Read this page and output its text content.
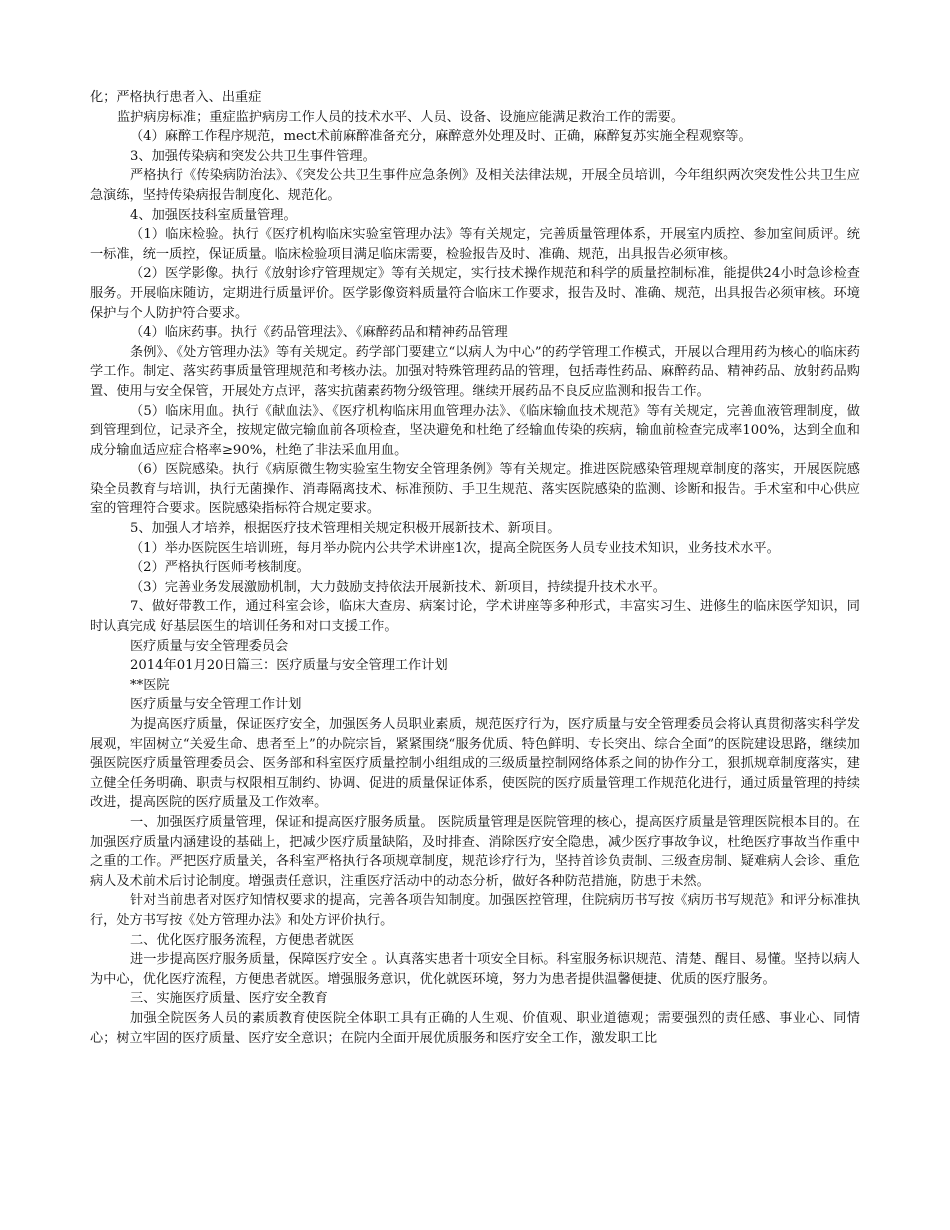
化；严格执行患者入、出重症

监护病房标准；重症监护病房工作人员的技术水平、人员、设备、设施应能满足救治工作的需要。

（4）麻醉工作程序规范，mect术前麻醉准备充分，麻醉意外处理及时、正确，麻醉复苏实施全程观察等。

3、加强传染病和突发公共卫生事件管理。

严格执行《传染病防治法》、《突发公共卫生事件应急条例》及相关法律法规，开展全员培训，今年组织两次突发性公共卫生应急演练，坚持传染病报告制度化、规范化。

4、加强医技科室质量管理。

（1）临床检验。执行《医疗机构临床实验室管理办法》等有关规定，完善质量管理体系，开展室内质控、参加室间质评。统一标准，统一质控，保证质量。临床检验项目满足临床需要，检验报告及时、准确、规范，出具报告必须审核。

（2）医学影像。执行《放射诊疗管理规定》等有关规定，实行技术操作规范和科学的质量控制标准，能提供24小时急诊检查服务。开展临床随访，定期进行质量评价。医学影像资料质量符合临床工作要求，报告及时、准确、规范，出具报告必须审核。环境保护与个人防护符合要求。

（4）临床药事。执行《药品管理法》、《麻醉药品和精神药品管理

条例》、《处方管理办法》等有关规定。药学部门要建立“以病人为中心”的药学管理工作模式，开展以合理用药为核心的临床药学工作。制定、落实药事质量管理规范和考核办法。加强对特殊管理药品的管理，包括毒性药品、麻醉药品、精神药品、放射药品购置、使用与安全保管，开展处方点评，落实抗菌素药物分级管理。继续开展药品不良反应监测和报告工作。

（5）临床用血。执行《献血法》、《医疗机构临床用血管理办法》、《临床输血技术规范》等有关规定，完善血液管理制度，做到管理到位，记录齐全，按规定做完输血前各项检查，坚决避免和杜绝了经输血传染的疾病，输血前检查完成率100%，达到全血和成分输血适应症合格率≥90%，杜绝了非法采血用血。

（6）医院感染。执行《病原微生物实验室生物安全管理条例》等有关规定。推进医院感染管理规章制度的落实，开展医院感染全员教育与培训，执行无菌操作、消毒隔离技术、标准预防、手卫生规范、落实医院感染的监测、诊断和报告。手术室和中心供应室的管理符合要求。医院感染指标符合规定要求。

5、加强人才培养，根据医疗技术管理相关规定积极开展新技术、新项目。

（1）举办医院医生培训班，每月举办院内公共学术讲座1次，提高全院医务人员专业技术知识，业务技术水平。

（2）严格执行医师考核制度。

（3）完善业务发展激励机制，大力鼓励支持依法开展新技术、新项目，持续提升技术水平。

7、做好带教工作，通过科室会诊，临床大查房、病案讨论，学术讲座等多种形式，丰富实习生、进修生的临床医学知识，同时认真完成 好基层医生的培训任务和对口支援工作。

医疗质量与安全管理委员会

2014年01月20日篇三：医疗质量与安全管理工作计划

**医院

医疗质量与安全管理工作计划

为提高医疗质量，保证医疗安全，加强医务人员职业素质，规范医疗行为，医疗质量与安全管理委员会将认真贯彻落实科学发展观，牢固树立“关爱生命、患者至上”的办院宗旨，紧紧围绕“服务优质、特色鲜明、专长突出、综合全面”的医院建设思路，继续加强医院医疗质量管理委员会、医务部和科室医疗质量控制小组组成的三级质量控制网络体系之间的协作分工，狠抓规章制度落实，建立健全任务明确、职责与权限相互制约、协调、促进的质量保证体系，使医院的医疗质量管理工作规范化进行，通过质量管理的持续改进，提高医院的医疗质量及工作效率。

一、加强医疗质量管理，保证和提高医疗服务质量。 医院质量管理是医院管理的核心，提高医疗质量是管理医院根本目的。在加强医疗质量内涵建设的基础上，把减少医疗质量缺陷，及时排查、消除医疗安全隐患，减少医疗事故争议，杜绝医疗事故当作重中之重的工作。严把医疗质量关，各科室严格执行各项规章制度，规范诊疗行为，坚持首诊负责制、三级查房制、疑难病人会诊、重危病人及术前术后讨论制度。增强责任意识，注重医疗活动中的动态分析，做好各种防范措施，防患于未然。

针对当前患者对医疗知情权要求的提高，完善各项告知制度。加强医控管理，住院病历书写按《病历书写规范》和评分标准执行，处方书写按《处方管理办法》和处方评价执行。

二、优化医疗服务流程，方便患者就医

进一步提高医疗服务质量，保障医疗安全 。认真落实患者十项安全目标。科室服务标识规范、清楚、醒目、易懂。坚持以病人为中心，优化医疗流程，方便患者就医。增强服务意识，优化就医环境，努力为患者提供温馨便捷、优质的医疗服务。

三、实施医疗质量、医疗安全教育

加强全院医务人员的素质教育使医院全体职工具有正确的人生观、价值观、职业道德观；需要强烈的责任感、事业心、同情心；树立牢固的医疗质量、医疗安全意识；在院内全面开展优质服务和医疗安全工作，激发职工比
